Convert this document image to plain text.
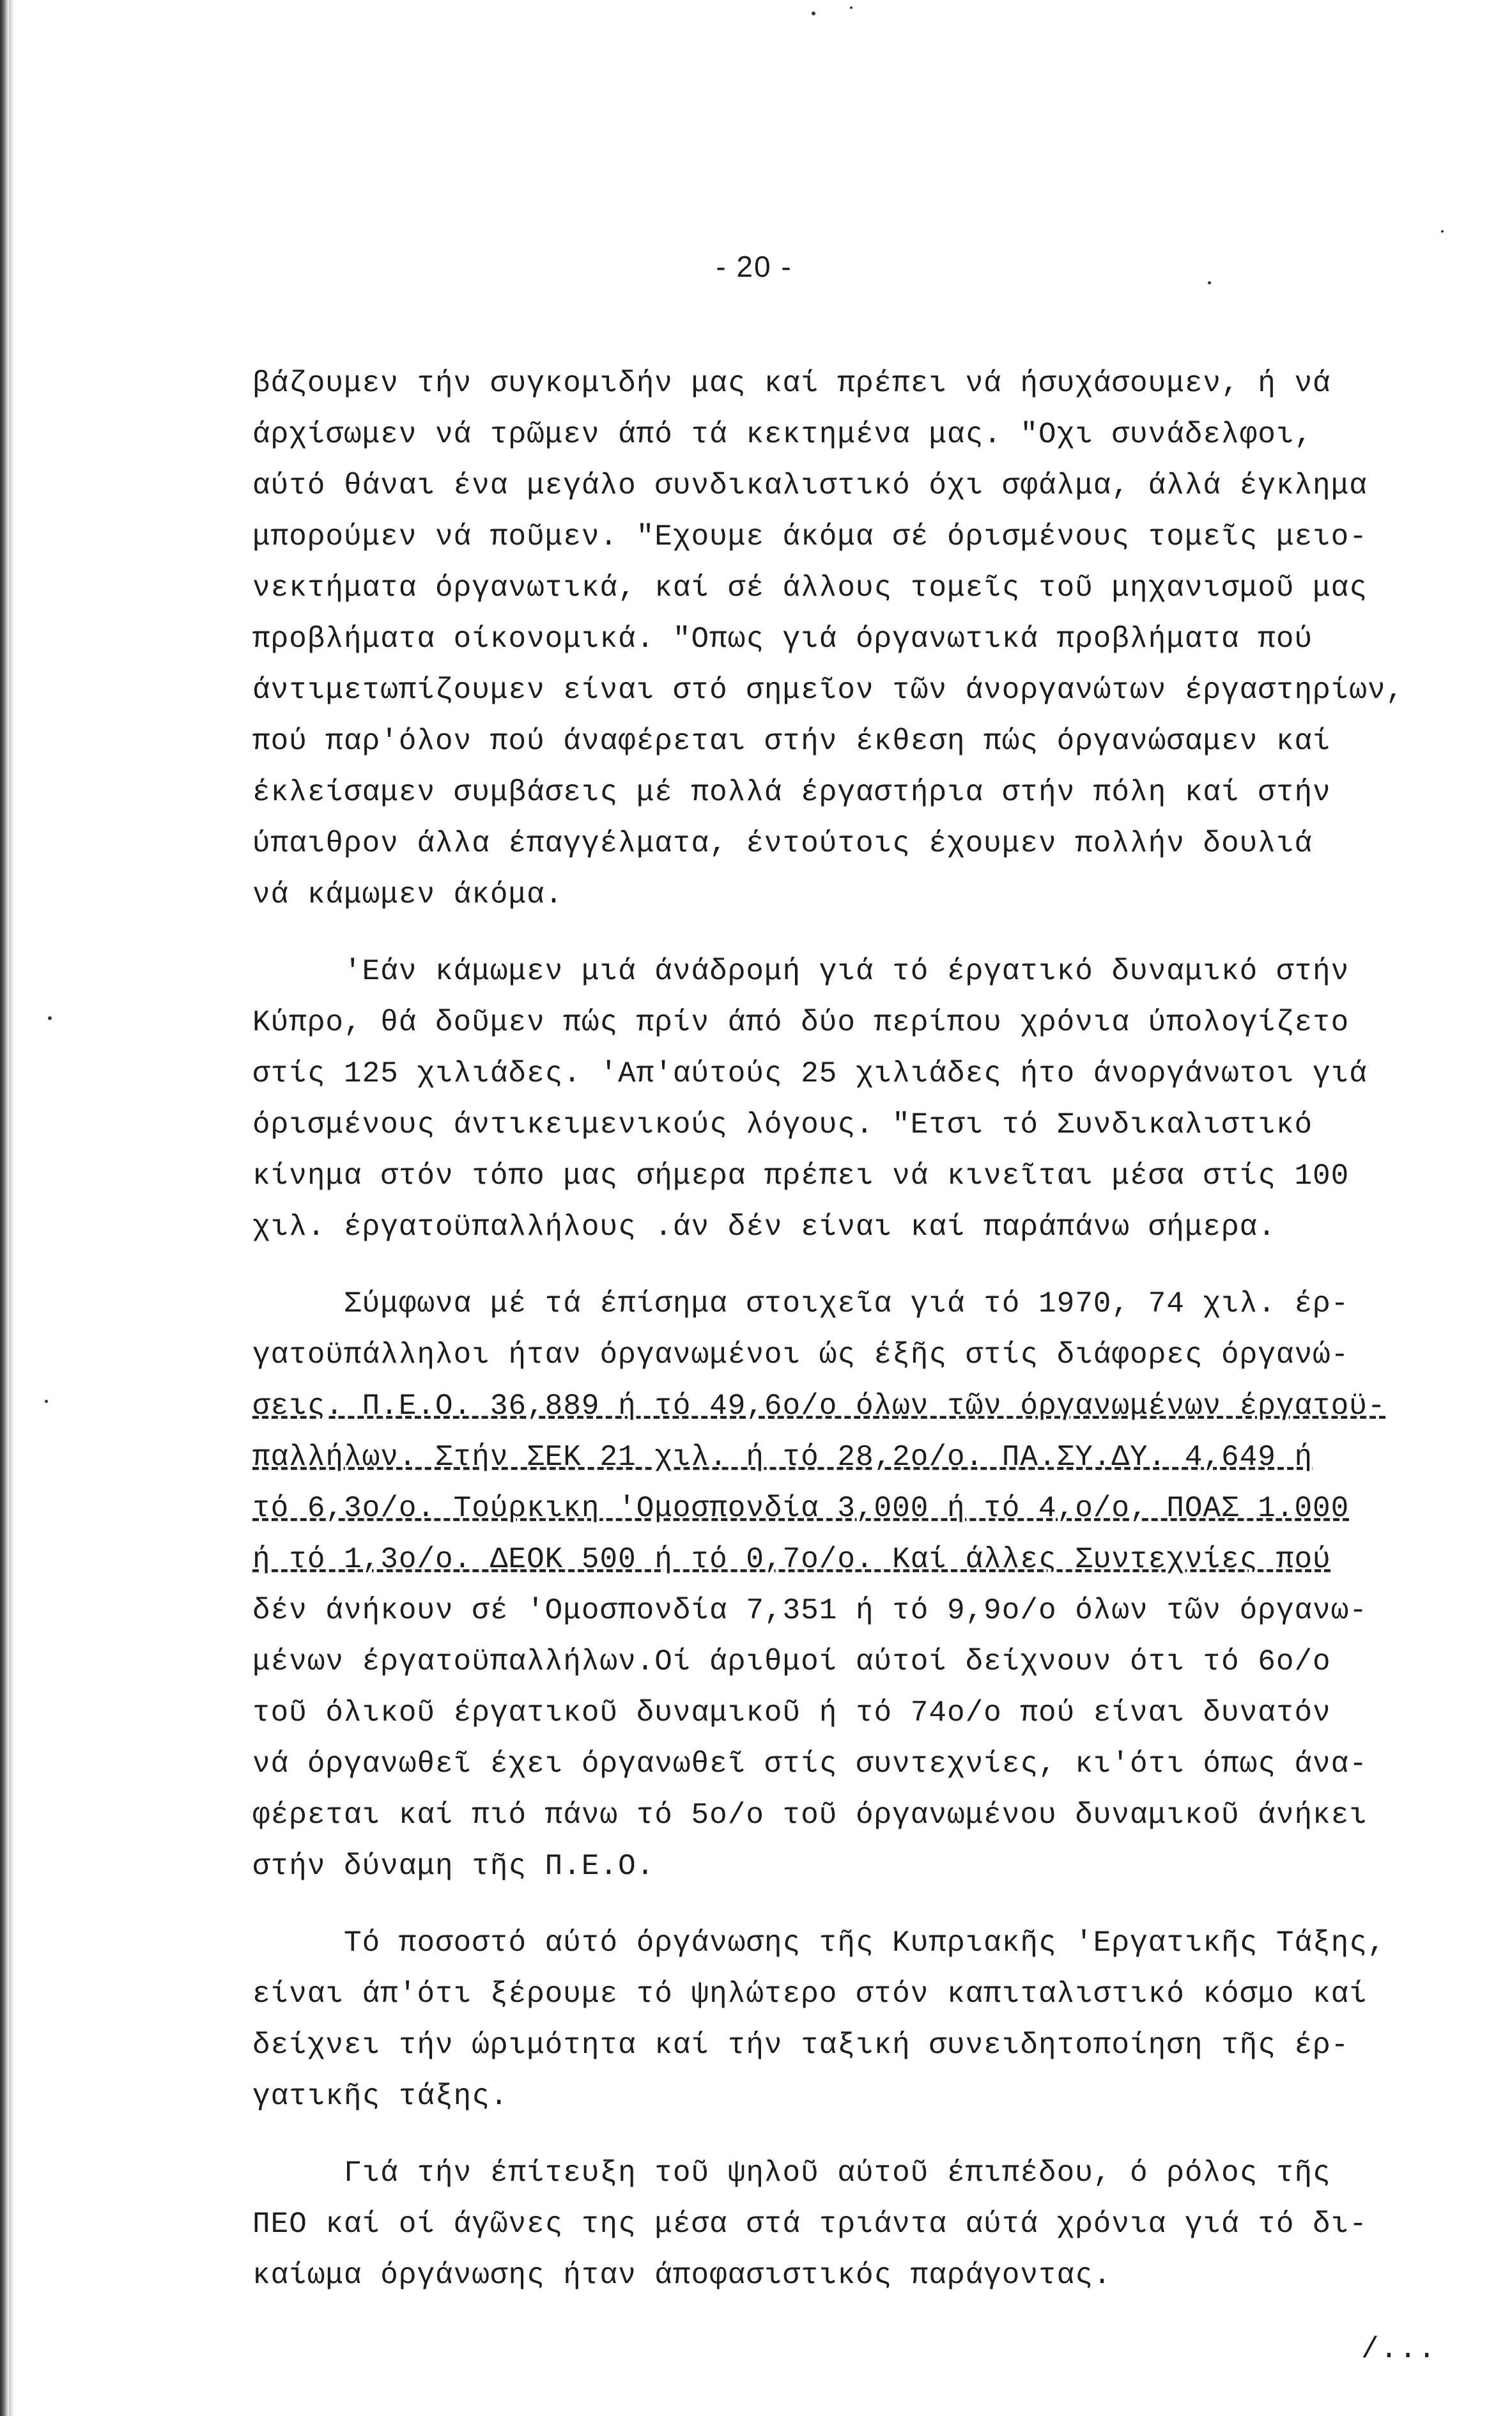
- 20 -
βάζουμεν τήν συγκομιδήν μας καί πρέπει νά ήσυχάσουμεν, ή νά
άρχίσωμεν νά τρῶμεν άπό τά κεκτημένα μας. "Οχι συνάδελφοι,
αύτό θάναι ένα μεγάλο συνδικαλιστικό όχι σφάλμα, άλλά έγκλημα
μπορούμεν νά ποῦμεν. "Εχουμε άκόμα σέ όρισμένους τομεῖς μειο-
νεκτήματα όργανωτικά, καί σέ άλλους τομεῖς τοῦ μηχανισμοῦ μας
προβλήματα οίκονομικά. "Οπως γιά όργανωτικά προβλήματα πού
άντιμετωπίζουμεν είναι στό σημεῖον τῶν άνοργανώτων έργαστηρίων,
πού παρ'όλον πού άναφέρεται στήν έκθεση πώς όργανώσαμεν καί
έκλείσαμεν συμβάσεις μέ πολλά έργαστήρια στήν πόλη καί στήν
ύπαιθρον άλλα έπαγγέλματα, έντούτοις έχουμεν πολλήν δουλιά
νά κάμωμεν άκόμα.
'Εάν κάμωμεν μιά άνάδρομή γιά τό έργατικό δυναμικό στήν
Κύπρο, θά δοῦμεν πώς πρίν άπό δύο περίπου χρόνια ύπολογίζετο
στίς 125 χιλιάδες. 'Απ'αύτούς 25 χιλιάδες ήτο άνοργάνωτοι γιά
όρισμένους άντικειμενικούς λόγους. "Ετσι τό Συνδικαλιστικό
κίνημα στόν τόπο μας σήμερα πρέπει νά κινεῖται μέσα στίς 100
χιλ. έργατοϋπαλλήλους .άν δέν είναι καί παράπάνω σήμερα.
Σύμφωνα μέ τά έπίσημα στοιχεῖα γιά τό 1970, 74 χιλ. έρ-
γατοϋπάλληλοι ήταν όργανωμένοι ώς έξῆς στίς διάφορες όργανώ-
σεις. Π.Ε.Ο. 36,889 ή τό 49,6ο/ο όλων τῶν όργανωμένων έργατοϋ-
παλλήλων. Στήν ΣΕΚ 21 χιλ. ή τό 28,2ο/ο. ΠΑ.ΣΥ.ΔΥ. 4,649 ή
τό 6,3ο/ο. Τούρκικη 'Ομοσπονδία 3,000 ή τό 4,ο/ο, ΠΟΑΣ 1.000
ή τό 1,3ο/ο. ΔΕΟΚ 500 ή τό 0,7ο/ο. Καί άλλες Συντεχνίες πού
δέν άνήκουν σέ 'Ομοσπονδία 7,351 ή τό 9,9ο/ο όλων τῶν όργανω-
μένων έργατοϋπαλλήλων.Οί άριθμοί αύτοί δείχνουν ότι τό 6ο/ο
τοῦ όλικοῦ έργατικοῦ δυναμικοῦ ή τό 74ο/ο πού είναι δυνατόν
νά όργανωθεῖ έχει όργανωθεῖ στίς συντεχνίες, κι'ότι όπως άνα-
φέρεται καί πιό πάνω τό 5ο/ο τοῦ όργανωμένου δυναμικοῦ άνήκει
στήν δύναμη τῆς Π.Ε.Ο.
Τό ποσοστό αύτό όργάνωσης τῆς Κυπριακῆς 'Εργατικῆς Τάξης,
είναι άπ'ότι ξέρουμε τό ψηλώτερο στόν καπιταλιστικό κόσμο καί
δείχνει τήν ώριμότητα καί τήν ταξική συνειδητοποίηση τῆς έρ-
γατικῆς τάξης.
Γιά τήν έπίτευξη τοῦ ψηλοῦ αύτοῦ έπιπέδου, ό ρόλος τῆς
ΠΕΟ καί οί άγῶνες της μέσα στά τριάντα αύτά χρόνια γιά τό δι-
καίωμα όργάνωσης ήταν άποφασιστικός παράγοντας.
/...
